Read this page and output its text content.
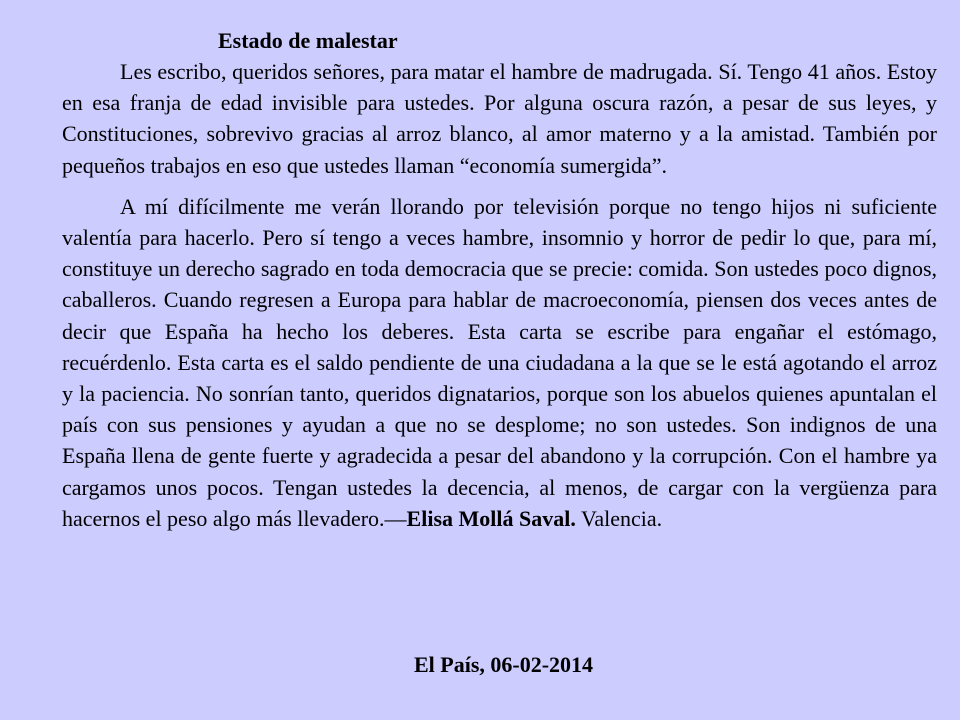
Estado de malestar

Les escribo, queridos señores, para matar el hambre de madrugada. Sí. Tengo 41 años. Estoy en esa franja de edad invisible para ustedes. Por alguna oscura razón, a pesar de sus leyes, y Constituciones, sobrevivo gracias al arroz blanco, al amor materno y a la amistad. También por pequeños trabajos en eso que ustedes llaman “economía sumergida”.

A mí difícilmente me verán llorando por televisión porque no tengo hijos ni suficiente valentía para hacerlo. Pero sí tengo a veces hambre, insomnio y horror de pedir lo que, para mí, constituye un derecho sagrado en toda democracia que se precie: comida. Son ustedes poco dignos, caballeros. Cuando regresen a Europa para hablar de macroeconomía, piensen dos veces antes de decir que España ha hecho los deberes. Esta carta se escribe para engañar el estómago, recuérdenlo. Esta carta es el saldo pendiente de una ciudadana a la que se le está agotando el arroz y la paciencia. No sonrían tanto, queridos dignatarios, porque son los abuelos quienes apuntalan el país con sus pensiones y ayudan a que no se desplome; no son ustedes. Son indignos de una España llena de gente fuerte y agradecida a pesar del abandono y la corrupción. Con el hambre ya cargamos unos pocos. Tengan ustedes la decencia, al menos, de cargar con la vergüenza para hacernos el peso algo más llevadero.—Elisa Mollá Saval. Valencia.

El País, 06-02-2014
